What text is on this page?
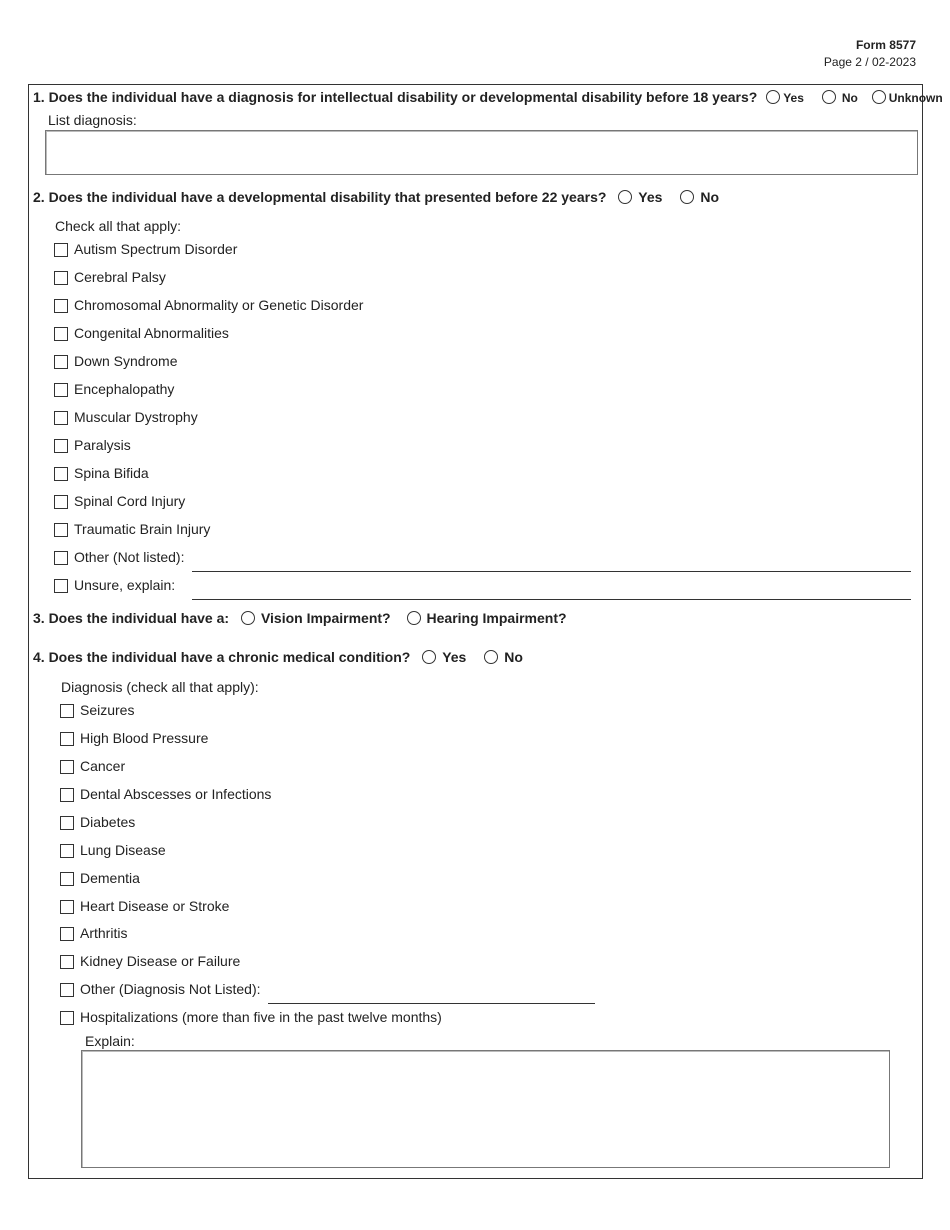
Form 8577
Page 2 / 02-2023
1. Does the individual have a diagnosis for intellectual disability or developmental disability before 18 years? Yes	No	Unknown
List diagnosis:
2. Does the individual have a developmental disability that presented before 22 years? Yes	No
Check all that apply:
Autism Spectrum Disorder
Cerebral Palsy
Chromosomal Abnormality or Genetic Disorder
Congenital Abnormalities
Down Syndrome
Encephalopathy
Muscular Dystrophy
Paralysis
Spina Bifida
Spinal Cord Injury
Traumatic Brain Injury
Other (Not listed):
Unsure, explain:
3. Does the individual have a: Vision Impairment?	Hearing Impairment?
4. Does the individual have a chronic medical condition? Yes	No
Diagnosis (check all that apply):
Seizures
High Blood Pressure
Cancer
Dental Abscesses or Infections
Diabetes
Lung Disease
Dementia
Heart Disease or Stroke
Arthritis
Kidney Disease or Failure
Other (Diagnosis Not Listed):
Hospitalizations (more than five in the past twelve months)
Explain:
